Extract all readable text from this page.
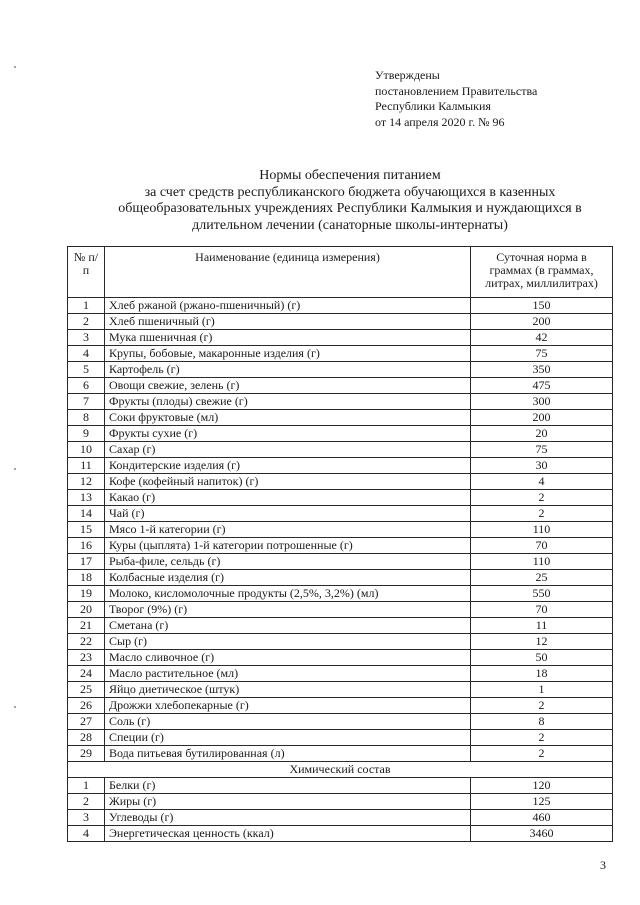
Утверждены
постановлением Правительства
Республики Калмыкия
от 14 апреля 2020 г. № 96
Нормы обеспечения питанием
за счет средств республиканского бюджета обучающихся в казенных
общеобразовательных учреждениях Республики Калмыкия и нуждающихся в
длительном лечении (санаторные школы-интернаты)
№ п/п	Наименование (единица измерения)	Суточная норма в граммах (в граммах, литрах, миллилитрах)
1	Хлеб ржаной (ржано-пшеничный) (г)	150
2	Хлеб пшеничный (г)	200
3	Мука пшеничная (г)	42
4	Крупы, бобовые, макаронные изделия (г)	75
5	Картофель (г)	350
6	Овощи свежие, зелень (г)	475
7	Фрукты (плоды) свежие (г)	300
8	Соки фруктовые (мл)	200
9	Фрукты сухие (г)	20
10	Сахар (г)	75
11	Кондитерские изделия (г)	30
12	Кофе (кофейный напиток) (г)	4
13	Какао (г)	2
14	Чай (г)	2
15	Мясо 1-й категории (г)	110
16	Куры (цыплята) 1-й категории потрошенные (г)	70
17	Рыба-филе, сельдь (г)	110
18	Колбасные изделия (г)	25
19	Молоко, кисломолочные продукты (2,5%, 3,2%) (мл)	550
20	Творог (9%) (г)	70
21	Сметана (г)	11
22	Сыр (г)	12
23	Масло сливочное (г)	50
24	Масло растительное (мл)	18
25	Яйцо диетическое (штук)	1
26	Дрожжи хлебопекарные (г)	2
27	Соль (г)	8
28	Специи (г)	2
29	Вода питьевая бутилированная (л)	2
Химический состав		
1	Белки (г)	120
2	Жиры (г)	125
3	Углеводы (г)	460
4	Энергетическая ценность (ккал)	3460
3
